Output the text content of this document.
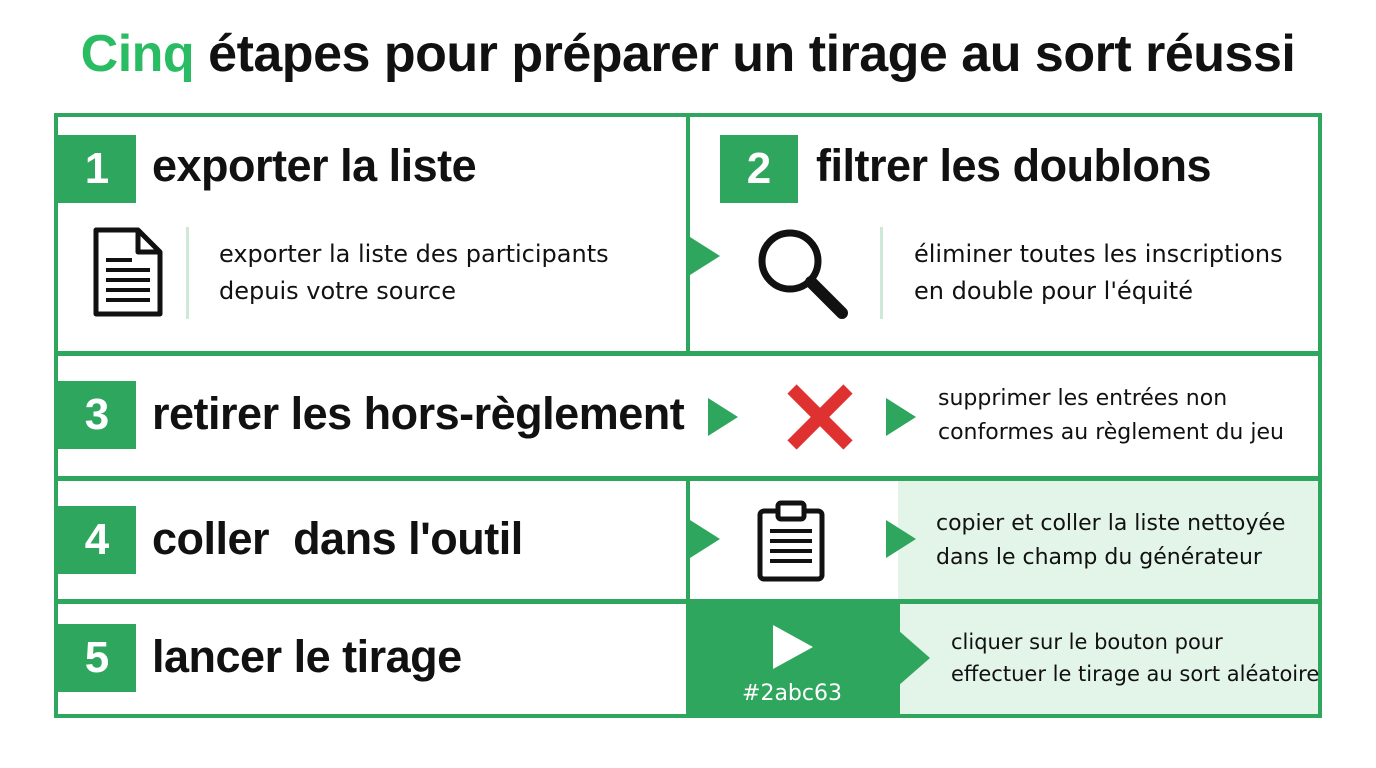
Cinq étapes pour préparer un tirage au sort réussi
1 exporter la liste
exporter la liste des participants
depuis votre source
2 filtrer les doublons
éliminer toutes les inscriptions
en double pour l'équité
3 retirer les hors-règlement	supprimer les entrées non
conformes au règlement du jeu
4 coller  dans l'outil	copier et coller la liste nettoyée
dans le champ du générateur
#2abc63
5 lancer le tirage	cliquer sur le bouton pour
effectuer le tirage au sort aléatoire
